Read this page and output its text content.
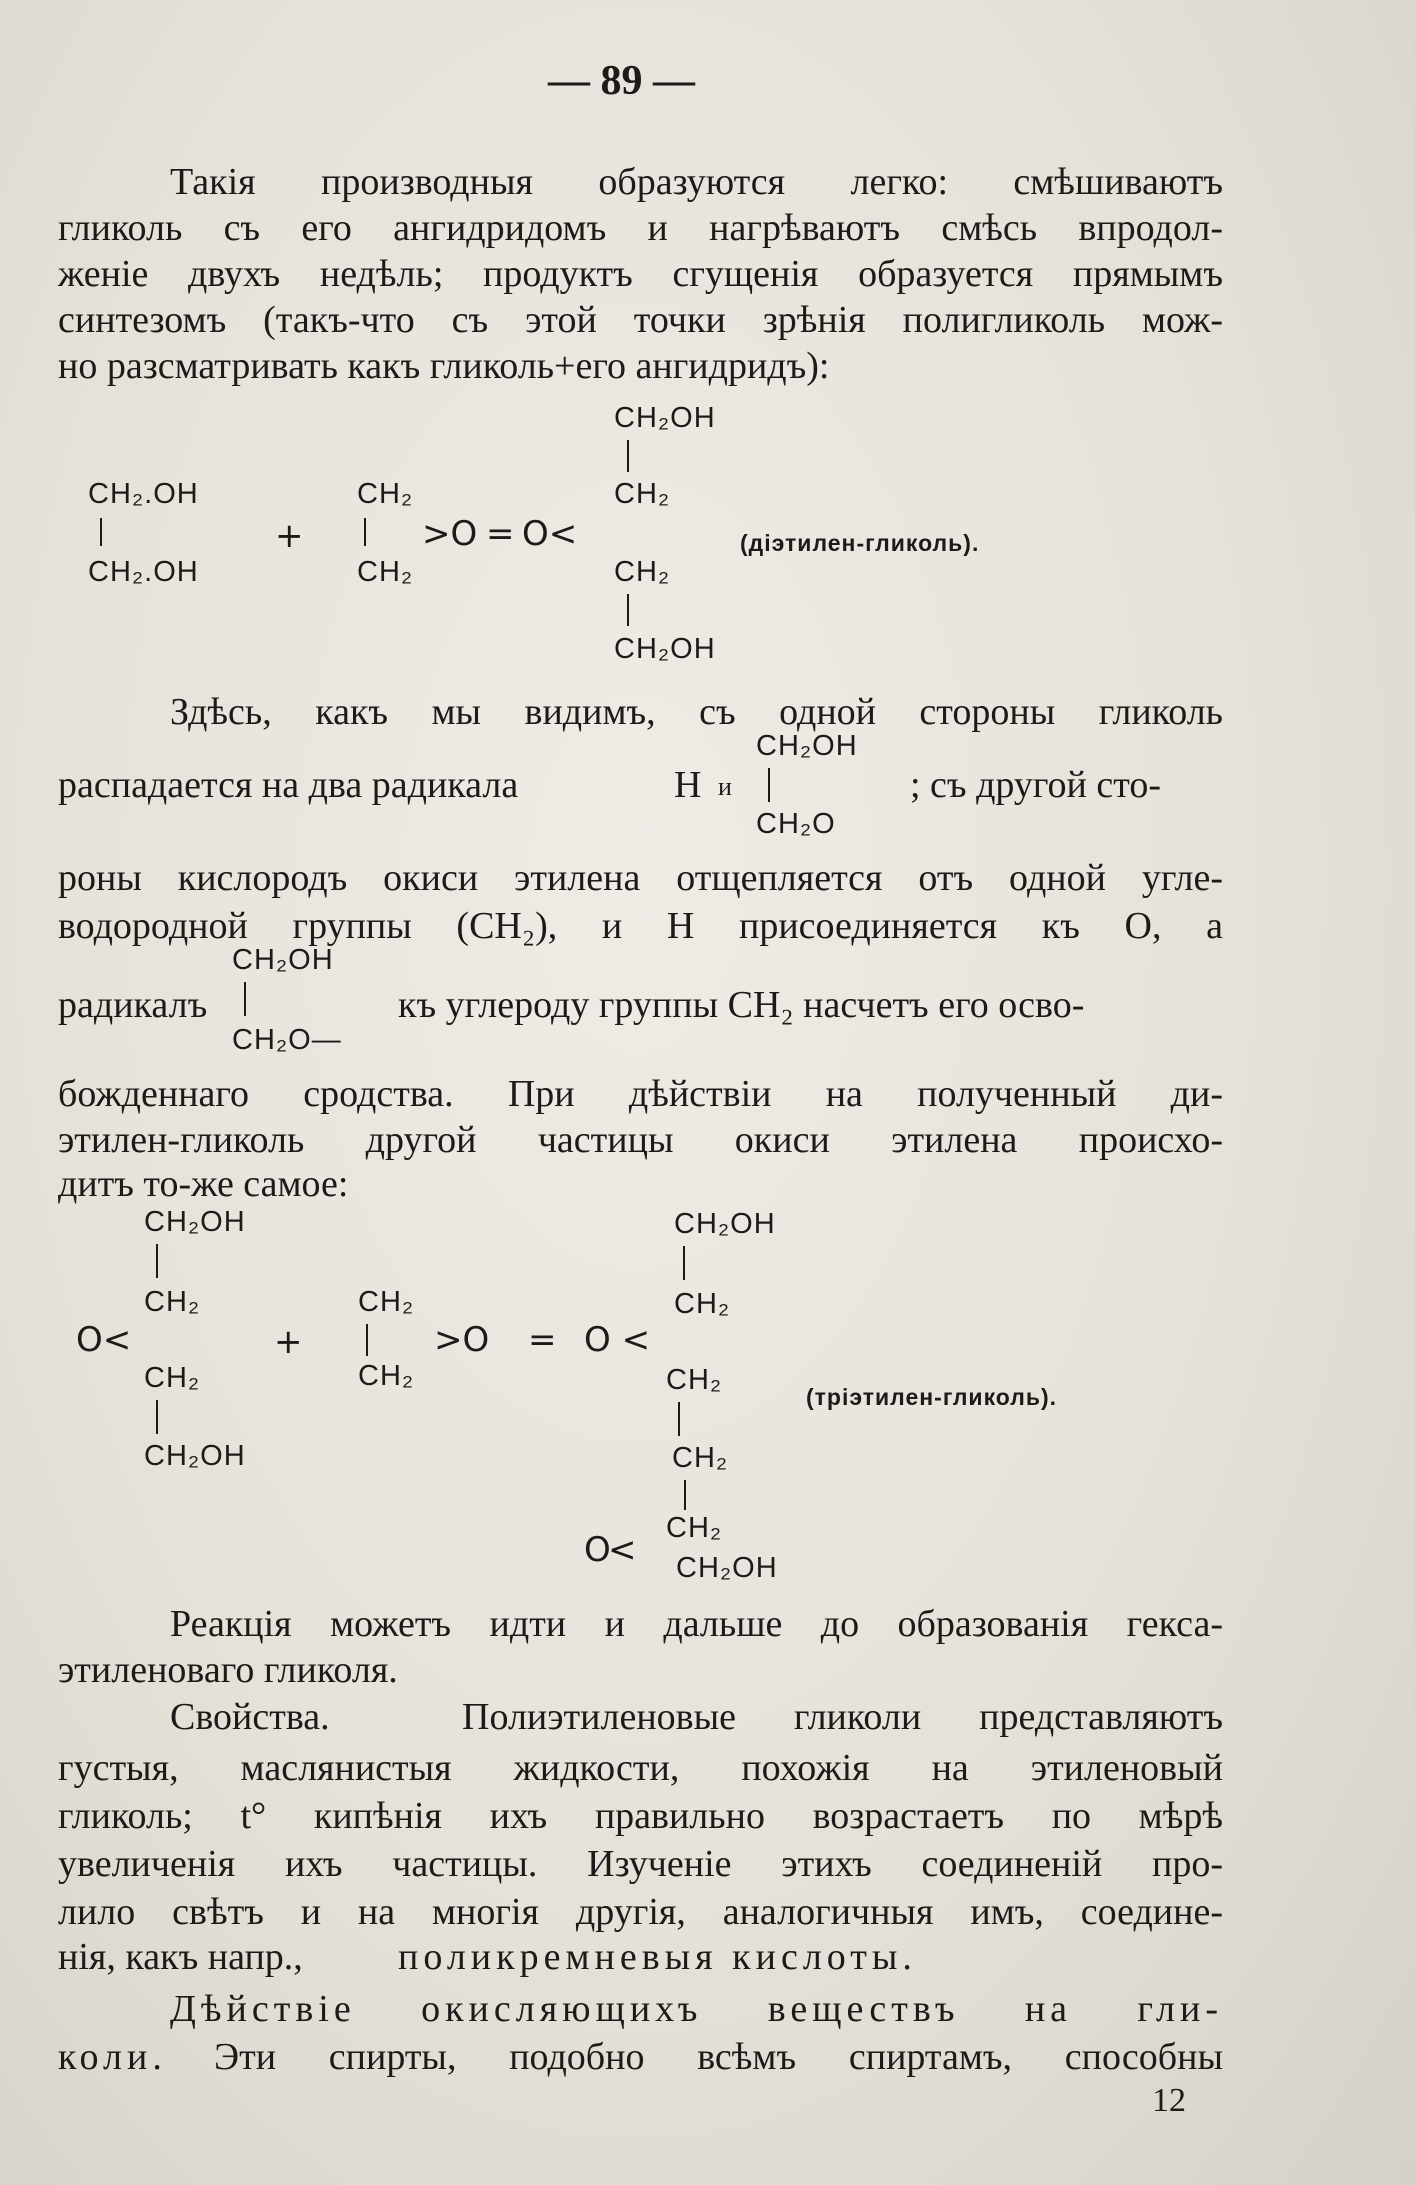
— 89 —
Такія производныя образуются легко: смѣшиваютъ
гликоль съ его ангидридомъ и нагрѣваютъ смѣсь впродол-
женіе двухъ недѣль; продуктъ сгущенія образуется прямымъ
синтезомъ (такъ-что съ этой точки зрѣнія полигликоль мож-
но разсматривать какъ гликоль+его ангидридъ):
CH₂.OH
CH₂.OH
+
CH₂
CH₂
>O = O<
CH₂OH
CH₂
CH₂
CH₂OH
(діэтилен-гликоль).
Здѣсь, какъ мы видимъ, съ одной стороны гликоль
распадается на два радикала	H и
CH₂OH
CH₂O
; съ другой сто-
роны кислородъ окиси этилена отщепляется отъ одной угле-
водородной группы (CH₂), и H присоединяется къ O, а
CH₂OH
радикалъ
CH₂O—
къ углероду группы CH₂ насчетъ его осво-
божденнаго сродства. При дѣйствіи на полученный ди-
этилен-гликоль другой частицы окиси этилена происхо-
дитъ то-же самое:
CH₂OH
CH₂
O<
CH₂
CH₂OH
+
CH₂
CH₂
>O = O <
CH₂OH
CH₂
CH₂
CH₂
O
<
CH₂
CH₂OH
(тріэтилен-гликоль).
Реакція можетъ идти и дальше до образованія гекса-
этиленоваго гликоля.
Свойства.	Полиэтиленовые гликоли представляютъ
густыя, маслянистыя жидкости, похожія на этиленовый
гликоль; t° кипѣнія ихъ правильно возрастаетъ по мѣрѣ
увеличенія ихъ частицы. Изученіе этихъ соединеній про-
лило свѣтъ и на многія другія, аналогичныя имъ, соедине-
нія, какъ напр.,	поликремневыя кислоты.
Дѣйствіе окисляющихъ веществъ на гли-
коли. Эти спирты, подобно всѣмъ спиртамъ, способны
12
